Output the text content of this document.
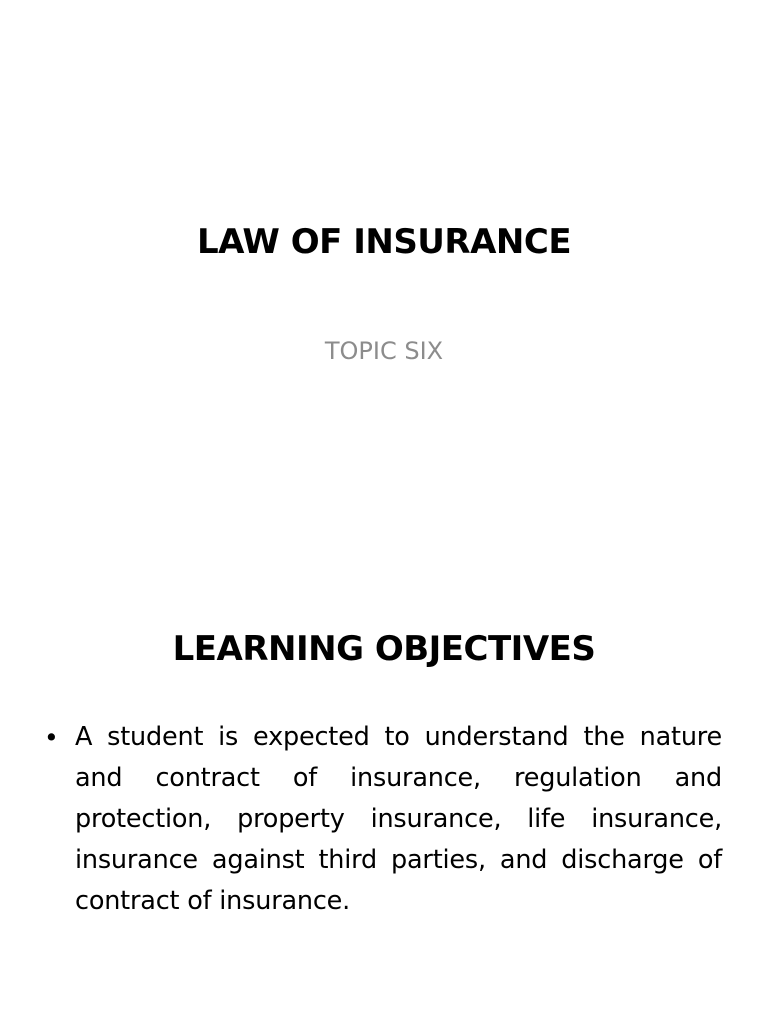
LAW OF INSURANCE

TOPIC SIX

LEARNING OBJECTIVES
• A student is expected to understand the nature and contract of insurance, regulation and protection, property insurance, life insurance, insurance against third parties, and discharge of contract of insurance.
